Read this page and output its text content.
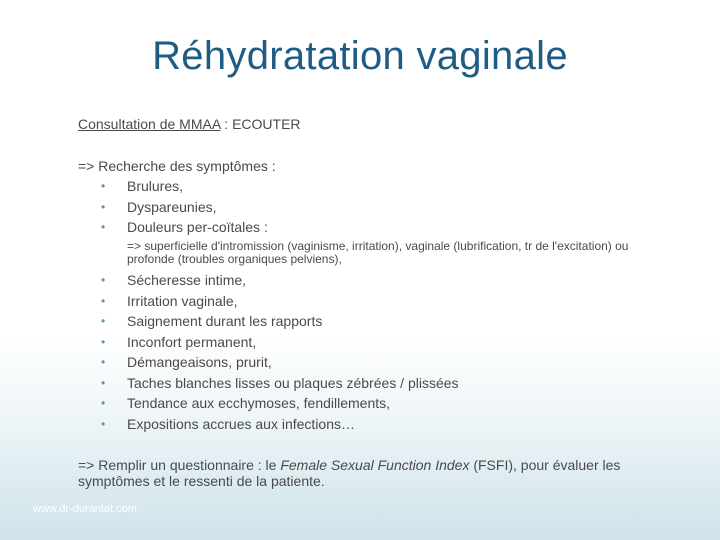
Réhydratation vaginale
Consultation de MMAA : ECOUTER
=> Recherche des symptômes :
• Brulures,
• Dyspareunies,
• Douleurs per-coïtales :
=> superficielle d'intromission (vaginisme, irritation), vaginale (lubrification, tr de l'excitation) ou profonde (troubles organiques pelviens),
• Sécheresse intime,
• Irritation vaginale,
• Saignement durant les rapports
• Inconfort permanent,
• Démangeaisons, prurit,
• Taches blanches lisses ou plaques zébrées / plissées
• Tendance aux ecchymoses, fendillements,
• Expositions accrues aux infections…
=> Remplir un questionnaire : le Female Sexual Function Index (FSFI), pour évaluer les symptômes et le ressenti de la patiente.
www.dr-durantet.com
